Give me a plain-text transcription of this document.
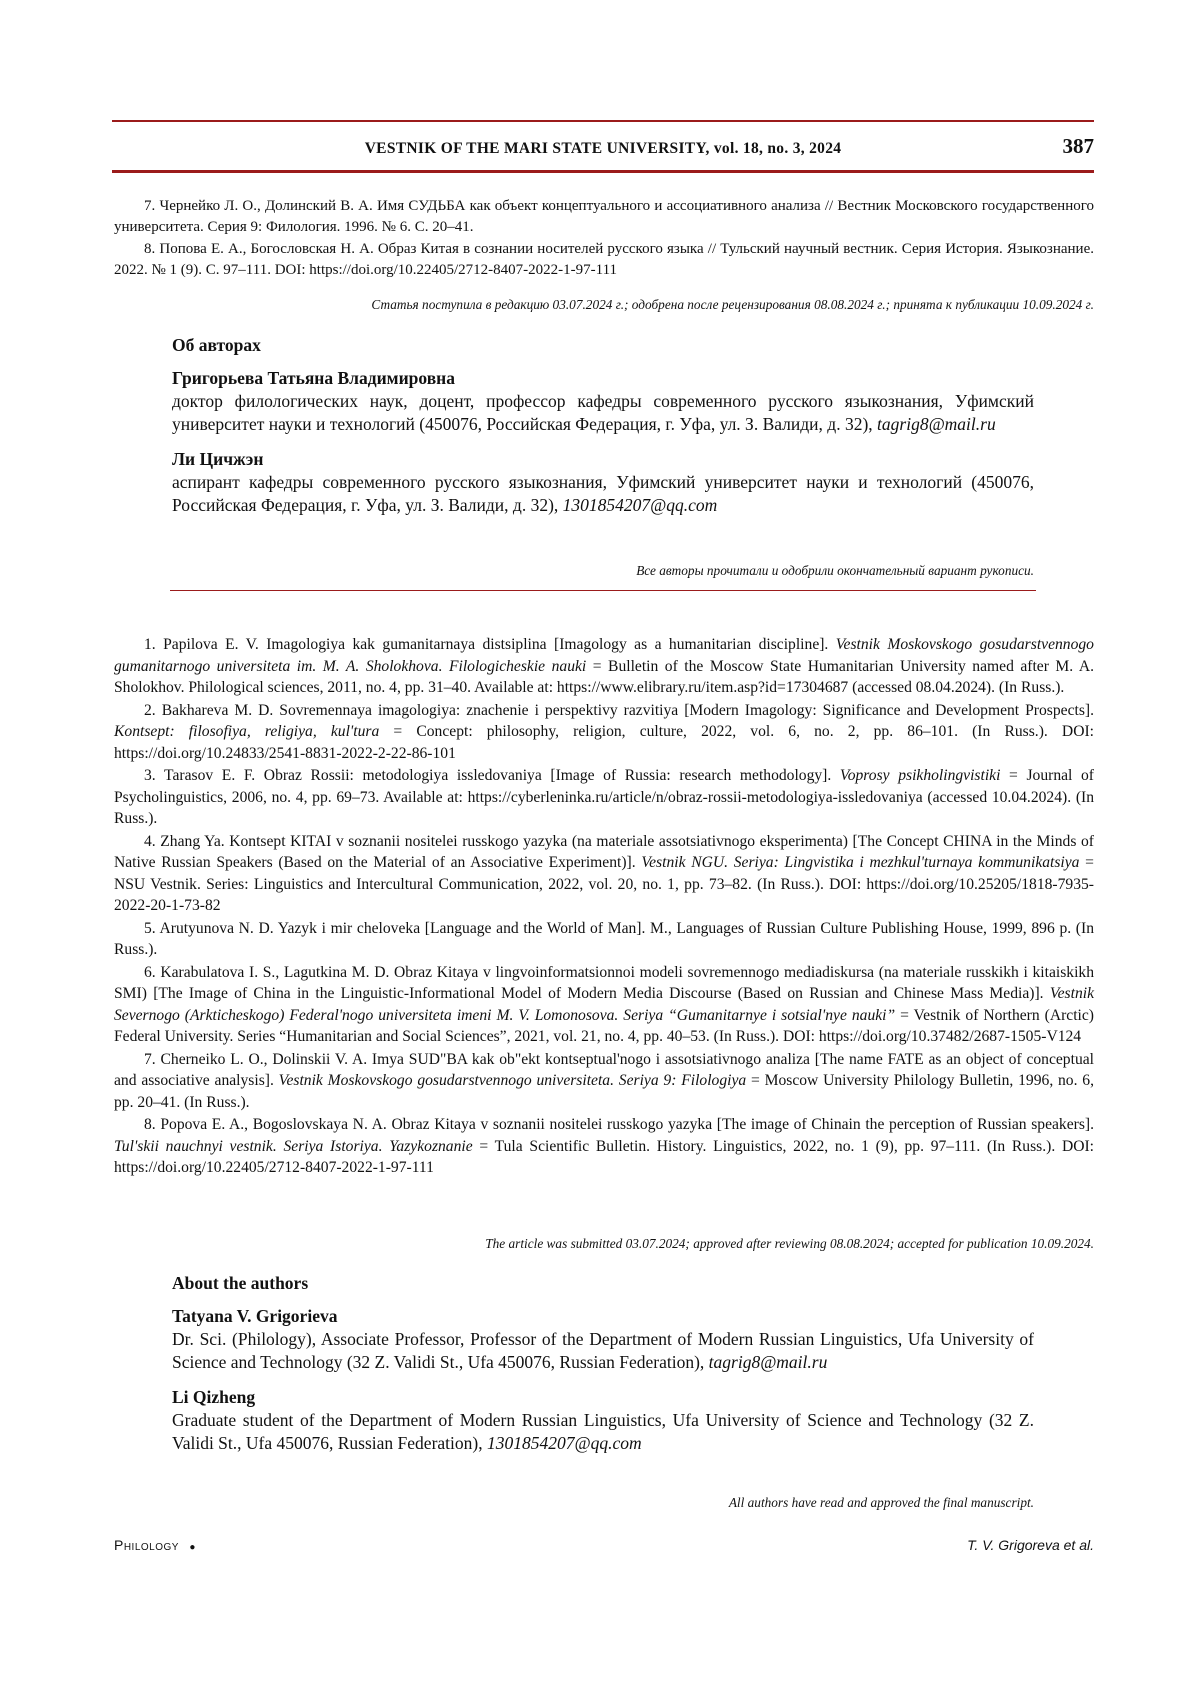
VESTNIK OF THE MARI STATE UNIVERSITY, vol. 18, no. 3, 2024	387

7. Чернейко Л. О., Долинский В. А. Имя СУДЬБА как объект концептуального и ассоциативного анализа // Вестник Московского государственного университета. Серия 9: Филология. 1996. № 6. С. 20–41.

8. Попова Е. А., Богословская Н. А. Образ Китая в сознании носителей русского языка // Тульский научный вестник. Серия История. Языкознание. 2022. № 1 (9). С. 97–111. DOI: https://doi.org/10.22405/2712-8407-2022-1-97-111

Статья поступила в редакцию 03.07.2024 г.; одобрена после рецензирования 08.08.2024 г.; принята к публикации 10.09.2024 г.

Об авторах

Григорьева Татьяна Владимировна

доктор филологических наук, доцент, профессор кафедры современного русского языкознания, Уфимский университет науки и технологий (450076, Российская Федерация, г. Уфа, ул. З. Валиди, д. 32), tagrig8@mail.ru

Ли Цичжэн

аспирант кафедры современного русского языкознания, Уфимский университет науки и технологий (450076, Российская Федерация, г. Уфа, ул. З. Валиди, д. 32), 1301854207@qq.com

Все авторы прочитали и одобрили окончательный вариант рукописи.

1. Papilova E. V. Imagologiya kak gumanitarnaya distsiplina [Imagology as a humanitarian discipline]. Vestnik Moskovskogo gosudarstvennogo gumanitarnogo universiteta im. M. A. Sholokhova. Filologicheskie nauki = Bulletin of the Moscow State Humanitarian University named after M. A. Sholokhov. Philological sciences, 2011, no. 4, pp. 31–40. Available at: https://www.elibrary.ru/item.asp?id=17304687 (accessed 08.04.2024). (In Russ.).

2. Bakhareva M. D. Sovremennaya imagologiya: znachenie i perspektivy razvitiya [Modern Imagology: Significance and Development Prospects]. Kontsept: filosofiya, religiya, kul'tura = Concept: philosophy, religion, culture, 2022, vol. 6, no. 2, pp. 86–101. (In Russ.). DOI: https://doi.org/10.24833/2541-8831-2022-2-22-86-101

3. Tarasov E. F. Obraz Rossii: metodologiya issledovaniya [Image of Russia: research methodology]. Voprosy psikholingvistiki = Journal of Psycholinguistics, 2006, no. 4, pp. 69–73. Available at: https://cyberleninka.ru/article/n/obraz-rossii-metodologiya-issledovaniya (accessed 10.04.2024). (In Russ.).

4. Zhang Ya. Kontsept KITAI v soznanii nositelei russkogo yazyka (na materiale assotsiativnogo eksperimenta) [The Concept CHINA in the Minds of Native Russian Speakers (Based on the Material of an Associative Experiment)]. Vestnik NGU. Seriya: Lingvistika i mezhkul'turnaya kommunikatsiya = NSU Vestnik. Series: Linguistics and Intercultural Communication, 2022, vol. 20, no. 1, pp. 73–82. (In Russ.). DOI: https://doi.org/10.25205/1818-7935-2022-20-1-73-82

5. Arutyunova N. D. Yazyk i mir cheloveka [Language and the World of Man]. M., Languages of Russian Culture Publishing House, 1999, 896 p. (In Russ.).

6. Karabulatova I. S., Lagutkina M. D. Obraz Kitaya v lingvoinformatsionnoi modeli sovremennogo mediadiskursa (na materiale russkikh i kitaiskikh SMI) [The Image of China in the Linguistic-Informational Model of Modern Media Discourse (Based on Russian and Chinese Mass Media)]. Vestnik Severnogo (Arkticheskogo) Federal'nogo universiteta imeni M. V. Lomonosova. Seriya “Gumanitarnye i sotsial'nye nauki” = Vestnik of Northern (Arctic) Federal University. Series “Humanitarian and Social Sciences”, 2021, vol. 21, no. 4, pp. 40–53. (In Russ.). DOI: https://doi.org/10.37482/2687-1505-V124

7. Cherneiko L. O., Dolinskii V. A. Imya SUD"BA kak ob"ekt kontseptual'nogo i assotsiativnogo analiza [The name FATE as an object of conceptual and associative analysis]. Vestnik Moskovskogo gosudarstvennogo universiteta. Seriya 9: Filologiya = Moscow University Philology Bulletin, 1996, no. 6, pp. 20–41. (In Russ.).

8. Popova E. A., Bogoslovskaya N. A. Obraz Kitaya v soznanii nositelei russkogo yazyka [The image of Chinain the perception of Russian speakers]. Tul'skii nauchnyi vestnik. Seriya Istoriya. Yazykoznanie = Tula Scientific Bulletin. History. Linguistics, 2022, no. 1 (9), pp. 97–111. (In Russ.). DOI: https://doi.org/10.22405/2712-8407-2022-1-97-111

The article was submitted 03.07.2024; approved after reviewing 08.08.2024; accepted for publication 10.09.2024.

About the authors

Tatyana V. Grigorieva

Dr. Sci. (Philology), Associate Professor, Professor of the Department of Modern Russian Linguistics, Ufa University of Science and Technology (32 Z. Validi St., Ufa 450076, Russian Federation), tagrig8@mail.ru

Li Qizheng

Graduate student of the Department of Modern Russian Linguistics, Ufa University of Science and Technology (32 Z. Validi St., Ufa 450076, Russian Federation), 1301854207@qq.com

All authors have read and approved the final manuscript.
Philology ●	T. V. Grigoreva et al.
